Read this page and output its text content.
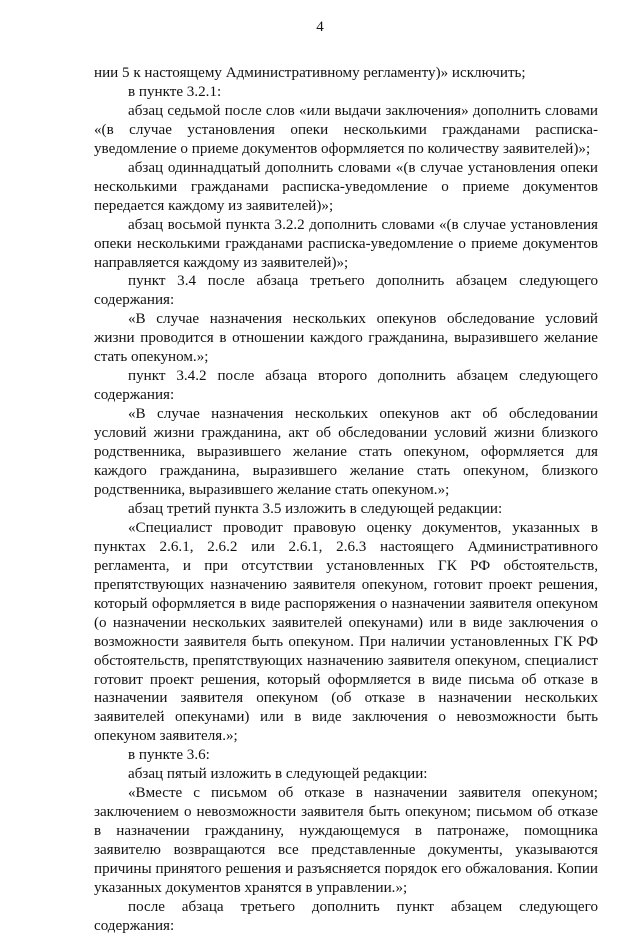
4

нии 5 к настоящему Административному регламенту)» исключить;

в пункте 3.2.1:

абзац седьмой после слов «или выдачи заключения» дополнить словами «(в случае установления опеки несколькими гражданами расписка-уведомление о приеме документов оформляется по количеству заявителей)»;

абзац одиннадцатый дополнить словами «(в случае установления опеки несколькими гражданами расписка-уведомление о приеме документов передается каждому из заявителей)»;

абзац восьмой пункта 3.2.2 дополнить словами «(в случае установления опеки несколькими гражданами расписка-уведомление о приеме документов направляется каждому из заявителей)»;

пункт 3.4 после абзаца третьего дополнить абзацем следующего содержания:

«В случае назначения нескольких опекунов обследование условий жизни проводится в отношении каждого гражданина, выразившего желание стать опекуном.»;

пункт 3.4.2 после абзаца второго дополнить абзацем следующего содержания:

«В случае назначения нескольких опекунов акт об обследовании условий жизни гражданина, акт об обследовании условий жизни близкого родственника, выразившего желание стать опекуном, оформляется для каждого гражданина, выразившего желание стать опекуном, близкого родственника, выразившего желание стать опекуном.»;

абзац третий пункта 3.5 изложить в следующей редакции:

«Специалист проводит правовую оценку документов, указанных в пунктах 2.6.1, 2.6.2 или 2.6.1, 2.6.3 настоящего Административного регламента, и при отсутствии установленных ГК РФ обстоятельств, препятствующих назначению заявителя опекуном, готовит проект решения, который оформляется в виде распоряжения о назначении заявителя опекуном (о назначении нескольких заявителей опекунами) или в виде заключения о возможности заявителя быть опекуном. При наличии установленных ГК РФ обстоятельств, препятствующих назначению заявителя опекуном, специалист готовит проект решения, который оформляется в виде письма об отказе в назначении заявителя опекуном (об отказе в назначении нескольких заявителей опекунами) или в виде заключения о невозможности быть опекуном заявителя.»;

в пункте 3.6:

абзац пятый изложить в следующей редакции:

«Вместе с письмом об отказе в назначении заявителя опекуном; заключением о невозможности заявителя быть опекуном; письмом об отказе в назначении гражданину, нуждающемуся в патронаже, помощника заявителю возвращаются все представленные документы, указываются причины принятого решения и разъясняется порядок его обжалования. Копии указанных документов хранятся в управлении.»;

после абзаца третьего дополнить пункт абзацем следующего содержания:
